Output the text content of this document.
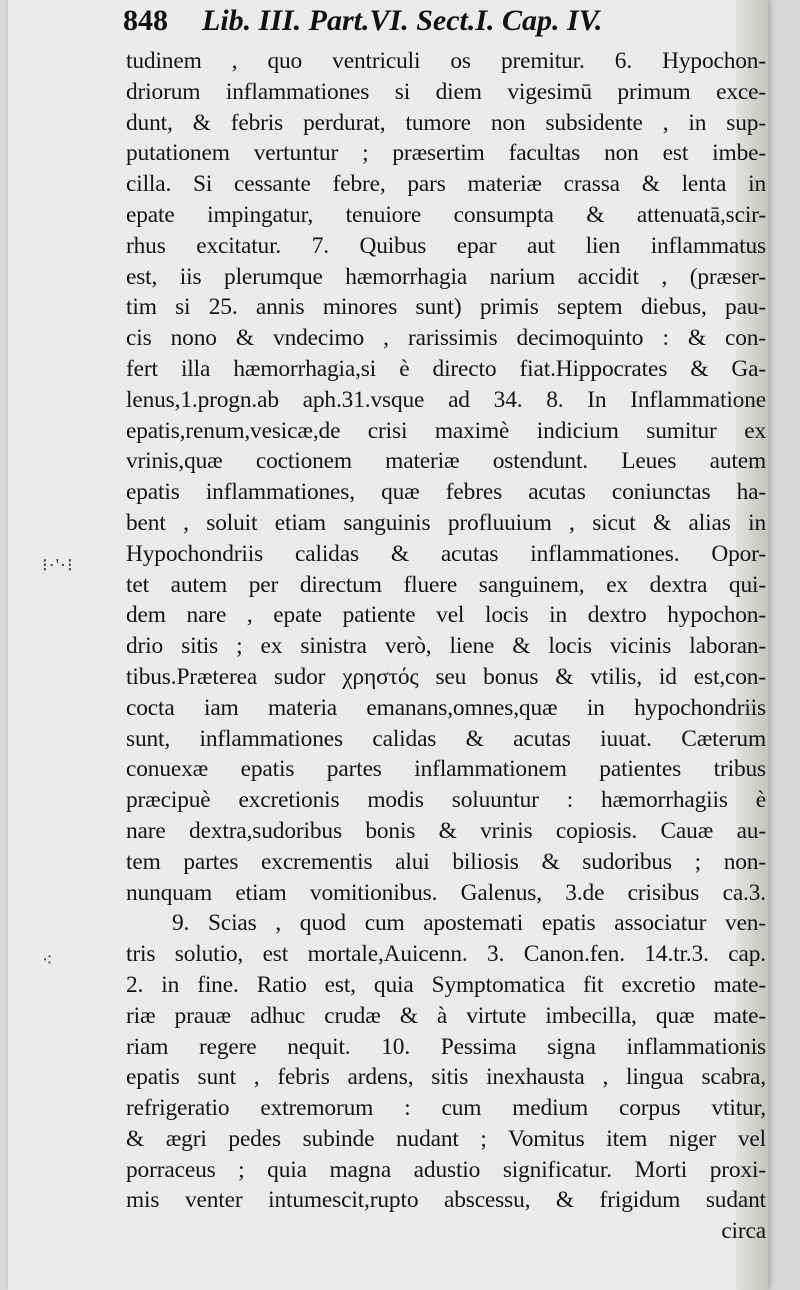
848 Lib. III. Part.VI. Sect.I. Cap. IV.
⁝·'·⁝
⁖
tudinem , quo ventriculi os premitur. 6. Hypochon-
driorum inflammationes si diem vigesimū primum exce-
dunt, & febris perdurat, tumore non subsidente , in sup-
putationem vertuntur ; præsertim facultas non est imbe-
cilla. Si cessante febre, pars materiæ crassa & lenta in
epate impingatur, tenuiore consumpta & attenuatā,scir-
rhus excitatur. 7. Quibus epar aut lien inflammatus
est, iis plerumque hæmorrhagia narium accidit , (præser-
tim si 25. annis minores sunt) primis septem diebus, pau-
cis nono & vndecimo , rarissimis decimoquinto : & con-
fert illa hæmorrhagia,si è directo fiat.Hippocrates & Ga-
lenus,1.progn.ab aph.31.vsque ad 34. 8. In Inflammatione
epatis,renum,vesicæ,de crisi maximè indicium sumitur ex
vrinis,quæ coctionem materiæ ostendunt. Leues autem
epatis inflammationes, quæ febres acutas coniunctas ha-
bent , soluit etiam sanguinis profluuium , sicut & alias in
Hypochondriis calidas & acutas inflammationes. Opor-
tet autem per directum fluere sanguinem, ex dextra qui-
dem nare , epate patiente vel locis in dextro hypochon-
drio sitis ; ex sinistra verò, liene & locis vicinis laboran-
tibus.Præterea sudor χρηστός seu bonus & vtilis, id est,con-
cocta iam materia emanans,omnes,quæ in hypochondriis
sunt, inflammationes calidas & acutas iuuat. Cæterum
conuexæ epatis partes inflammationem patientes tribus
præcipuè excretionis modis soluuntur : hæmorrhagiis è
nare dextra,sudoribus bonis & vrinis copiosis. Cauæ au-
tem partes excrementis alui biliosis & sudoribus ; non-
nunquam etiam vomitionibus. Galenus, 3.de crisibus ca.3.
9. Scias , quod cum apostemati epatis associatur ven-
tris solutio, est mortale,Auicenn. 3. Canon.fen. 14.tr.3. cap.
2. in fine. Ratio est, quia Symptomatica fit excretio mate-
riæ prauæ adhuc crudæ & à virtute imbecilla, quæ mate-
riam regere nequit. 10. Pessima signa inflammationis
epatis sunt , febris ardens, sitis inexhausta , lingua scabra,
refrigeratio extremorum : cum medium corpus vtitur,
& ægri pedes subinde nudant ; Vomitus item niger vel
porraceus ; quia magna adustio significatur. Morti proxi-
mis venter intumescit,rupto abscessu, & frigidum sudant
circa
